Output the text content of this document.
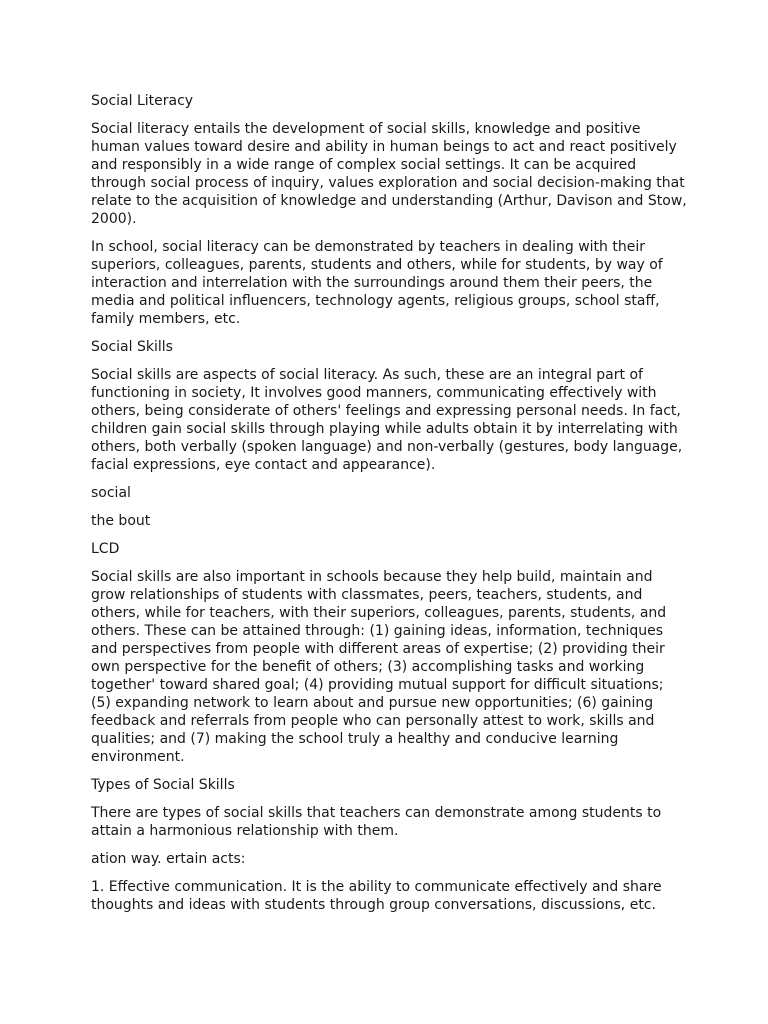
Social Literacy

Social literacy entails the development of social skills, knowledge and positive human values toward desire and ability in human beings to act and react positively and responsibly in a wide range of complex social settings. It can be acquired through social process of inquiry, values exploration and social decision-making that relate to the acquisition of knowledge and understanding (Arthur, Davison and Stow, 2000).

In school, social literacy can be demonstrated by teachers in dealing with their superiors, colleagues, parents, students and others, while for students, by way of interaction and interrelation with the surroundings around them their peers, the media and political influencers, technology agents, religious groups, school staff, family members, etc.

Social Skills

Social skills are aspects of social literacy. As such, these are an integral part of functioning in society, It involves good manners, communicating effectively with others, being considerate of others' feelings and expressing personal needs. In fact, children gain social skills through playing while adults obtain it by interrelating with others, both verbally (spoken language) and non-verbally (gestures, body language, facial expressions, eye contact and appearance).

social

the bout

LCD

Social skills are also important in schools because they help build, maintain and grow relationships of students with classmates, peers, teachers, students, and others, while for teachers, with their superiors, colleagues, parents, students, and others. These can be attained through: (1) gaining ideas, information, techniques and perspectives from people with different areas of expertise; (2) providing their own perspective for the benefit of others; (3) accomplishing tasks and working together' toward shared goal; (4) providing mutual support for difficult situations; (5) expanding network to learn about and pursue new opportunities; (6) gaining feedback and referrals from people who can personally attest to work, skills and qualities; and (7) making the school truly a healthy and conducive learning environment.

Types of Social Skills

There are types of social skills that teachers can demonstrate among students to attain a harmonious relationship with them.

ation way. ertain acts:

1. Effective communication. It is the ability to communicate effectively and share thoughts and ideas with students through group conversations, discussions, etc.
